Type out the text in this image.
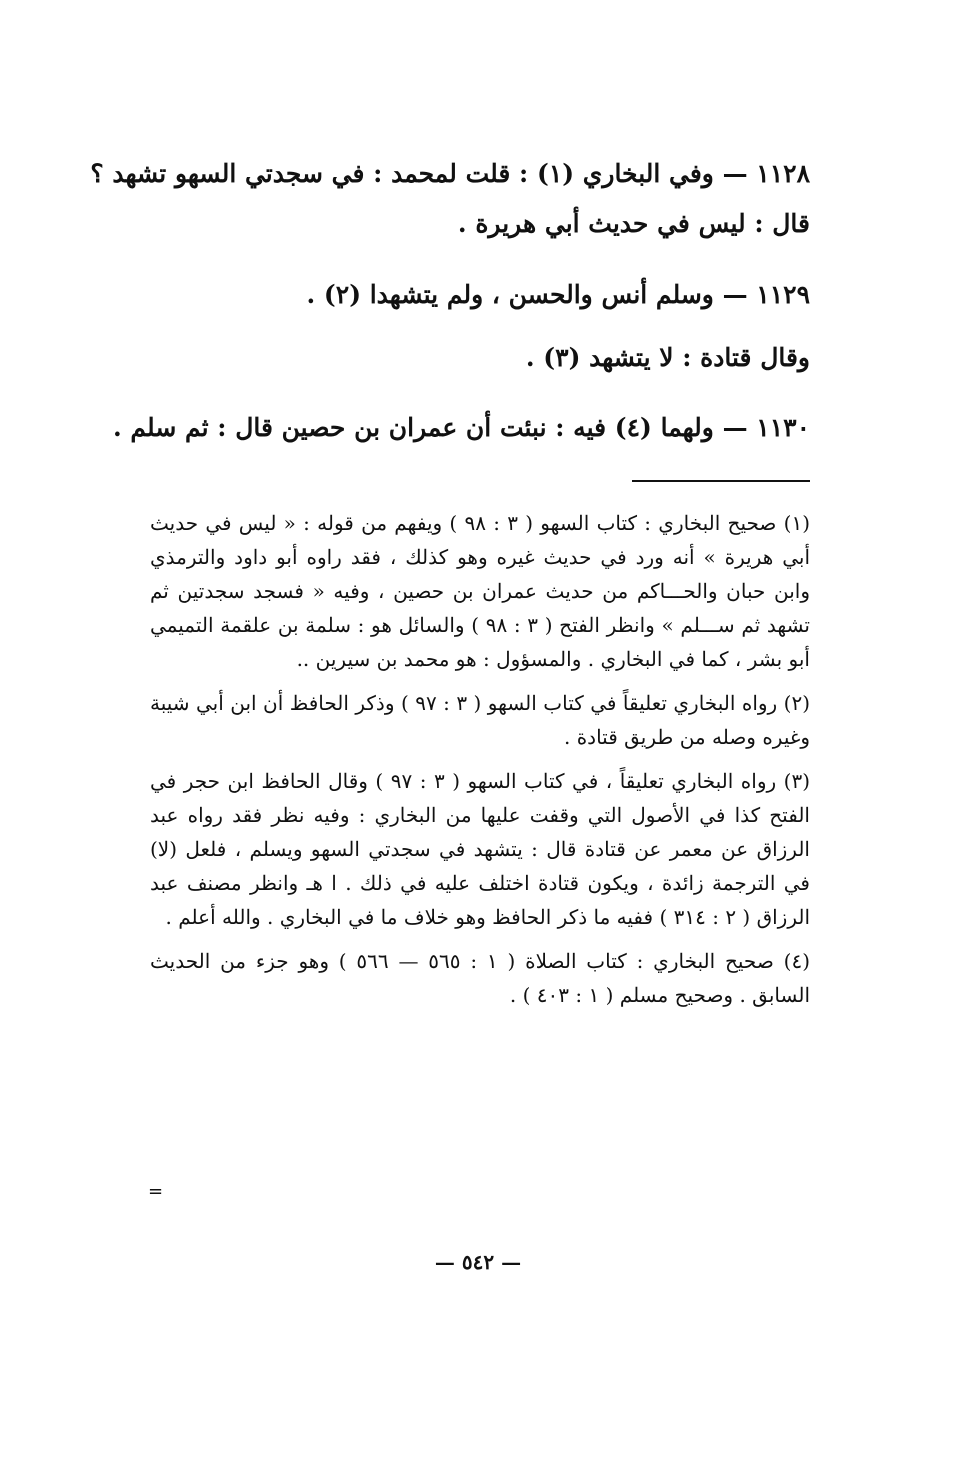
١١٢٨ — وفي البخاري (١) : قلت لمحمد : في سجدتي السهو تشهد ؟

قال : ليس في حديث أبي هريرة .

١١٢٩ — وسلم أنس والحسن ، ولم يتشهدا (٢) .

وقال قتادة : لا يتشهد (٣) .

١١٣٠ — ولهما (٤) فيه : نبئت أن عمران بن حصين قال : ثم سلم .

(١) صحيح البخاري : كتاب السهو ( ٣ : ٩٨ ) ويفهم من قوله : « ليس في حديث أبي هريرة » أنه ورد في حديث غيره وهو كذلك ، فقد راوه أبو داود والترمذي وابن حبان والحـــاكم من حديث عمران بن حصين ، وفيه « فسجد سجدتين ثم تشهد ثم ســـلم » وانظر الفتح ( ٣ : ٩٨ ) والسائل هو : سلمة بن علقمة التميمي أبو بشر ، كما في البخاري . والمسؤول : هو محمد بن سيرين ..

(٢) رواه البخاري تعليقاً في كتاب السهو ( ٣ : ٩٧ ) وذكر الحافظ أن ابن أبي شيبة وغيره وصله من طريق قتادة .

(٣) رواه البخاري تعليقاً ، في كتاب السهو ( ٣ : ٩٧ ) وقال الحافظ ابن حجر في الفتح كذا في الأصول التي وقفت عليها من البخاري : وفيه نظر فقد رواه عبد الرزاق عن معمر عن قتادة قال : يتشهد في سجدتي السهو ويسلم ، فلعل (لا) في الترجمة زائدة ، ويكون قتادة اختلف عليه في ذلك . ا هـ وانظر مصنف عبد الرزاق ( ٢ : ٣١٤ ) ففيه ما ذكر الحافظ وهو خلاف ما في البخاري . والله أعلم .

(٤) صحيح البخاري : كتاب الصلاة ( ١ : ٥٦٥ — ٥٦٦ ) وهو جزء من الحديث السابق . وصحيح مسلم ( ١ : ٤٠٣ ) .

=
— ٥٤٢ —
